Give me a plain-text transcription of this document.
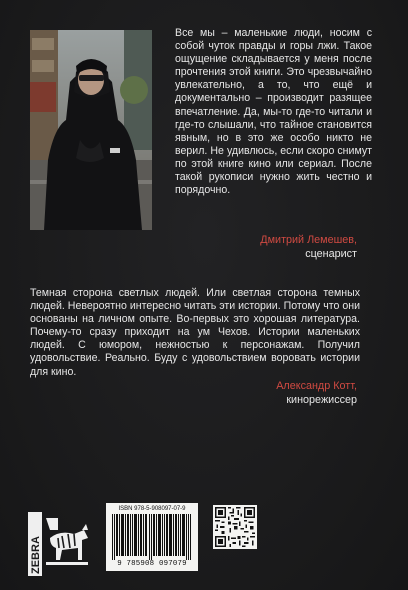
Все мы – маленькие люди, носим с собой чуток правды и горы лжи. Такое ощущение складывается у меня после прочтения этой книги. Это чрезвычайно увлекательно, а то, что ещё и документально – производит разящее впечатление. Да, мы-то где-то читали и где-то слышали, что тайное становится явным, но в это же особо никто не верил. Не удивлюсь, если скоро снимут по этой книге кино или сериал. После такой рукописи нужно жить честно и порядочно.

Дмитрий Лемешев,
сценарист

Темная сторона светлых людей. Или светлая сторона темных людей. Невероятно интересно читать эти истории. Потому что они основаны на личном опыте. Во-первых это хорошая литература. Почему-то сразу приходит на ум Чехов. Истории маленьких людей. С юмором, нежностью к персонажам. Получил удовольствие. Реально. Буду с удовольствием воровать истории для кино.

Александр Котт,
кинорежиссер
ZEBRA
ISBN 978-5-908097-07-9
9 785908 097079
